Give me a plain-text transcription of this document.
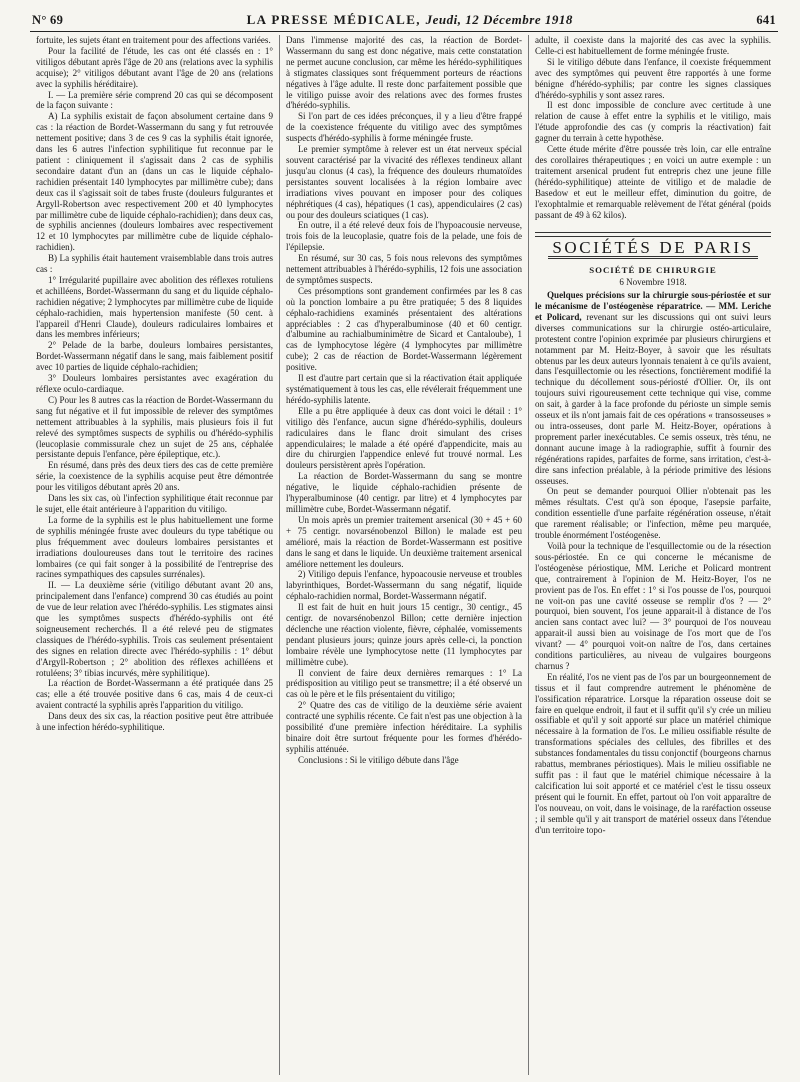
N° 69	LA PRESSE MÉDICALE, Jeudi, 12 Décembre 1918	641

fortuite, les sujets étant en traitement pour des affections variées.

Pour la facilité de l'étude, les cas ont été classés en : 1° vitiligos débutant après l'âge de 20 ans (relations avec la syphilis acquise); 2° vitiligos débutant avant l'âge de 20 ans (relations avec la syphilis héréditaire).

I. — La première série comprend 20 cas qui se décomposent de la façon suivante :

A) La syphilis existait de façon absolument certaine dans 9 cas : la réaction de Bordet-Wassermann du sang y fut retrouvée nettement positive; dans 3 de ces 9 cas la syphilis était ignorée, dans les 6 autres l'infection syphilitique fut reconnue par le patient : cliniquement il s'agissait dans 2 cas de syphilis secondaire datant d'un an (dans un cas le liquide céphalo-rachidien présentait 140 lymphocytes par millimètre cube); dans deux cas il s'agissait soit de tabes fruste (douleurs fulgurantes et Argyll-Robertson avec respectivement 200 et 40 lymphocytes par millimètre cube de liquide céphalo-rachidien); dans deux cas, de syphilis anciennes (douleurs lombaires avec respectivement 12 et 10 lymphocytes par millimètre cube de liquide céphalo-rachidien).

B) La syphilis était hautement vraisemblable dans trois autres cas :

1° Irrégularité pupillaire avec abolition des réflexes rotuliens et achilléens, Bordet-Wassermann du sang et du liquide céphalo-rachidien négative; 2 lymphocytes par millimètre cube de liquide céphalo-rachidien, mais hypertension manifeste (50 cent. à l'appareil d'Henri Claude), douleurs radiculaires lombaires et dans les membres inférieurs;

2° Pelade de la barbe, douleurs lombaires persistantes, Bordet-Wassermann négatif dans le sang, mais faiblement positif avec 10 parties de liquide céphalo-rachidien;

3° Douleurs lombaires persistantes avec exagération du réflexe oculo-cardiaque.

C) Pour les 8 autres cas la réaction de Bordet-Wassermann du sang fut négative et il fut impossible de relever des symptômes nettement attribuables à la syphilis, mais plusieurs fois il fut relevé des symptômes suspects de syphilis ou d'hérédo-syphilis (leucoplasie commissurale chez un sujet de 25 ans, céphalée persistante depuis l'enfance, père épileptique, etc.).

En résumé, dans près des deux tiers des cas de cette première série, la coexistence de la syphilis acquise peut être démontrée pour les vitiligos débutant après 20 ans.

Dans les six cas, où l'infection syphilitique était reconnue par le sujet, elle était antérieure à l'apparition du vitiligo.

La forme de la syphilis est le plus habituellement une forme de syphilis méningée fruste avec douleurs du type tabétique ou plus fréquemment avec douleurs lombaires persistantes et irradiations douloureuses dans tout le territoire des racines lombaires (ce qui fait songer à la possibilité de l'entreprise des racines sympathiques des capsules surrénales).

II. — La deuxième série (vitiligo débutant avant 20 ans, principalement dans l'enfance) comprend 30 cas étudiés au point de vue de leur relation avec l'hérédo-syphilis. Les stigmates ainsi que les symptômes suspects d'hérédo-syphilis ont été soigneusement recherchés. Il a été relevé peu de stigmates classiques de l'hérédo-syphilis. Trois cas seulement présentaient des signes en relation directe avec l'hérédo-syphilis : 1° début d'Argyll-Robertson ; 2° abolition des réflexes achilléens et rotuléens; 3° tibias incurvés, mère syphilitique).

La réaction de Bordet-Wassermann a été pratiquée dans 25 cas; elle a été trouvée positive dans 6 cas, mais 4 de ceux-ci avaient contracté la syphilis après l'apparition du vitiligo.

Dans deux des six cas, la réaction positive peut être attribuée à une infection hérédo-syphilitique.

Dans l'immense majorité des cas, la réaction de Bordet-Wassermann du sang est donc négative, mais cette constatation ne permet aucune conclusion, car même les hérédo-syphilitiques à stigmates classiques sont fréquemment porteurs de réactions négatives à l'âge adulte. Il reste donc parfaitement possible que le vitiligo puisse avoir des relations avec des formes frustes d'hérédo-syphilis.

Si l'on part de ces idées préconçues, il y a lieu d'être frappé de la coexistence fréquente du vitiligo avec des symptômes suspects d'hérédo-syphilis à forme méningée fruste.

Le premier symptôme à relever est un état nerveux spécial souvent caractérisé par la vivacité des réflexes tendineux allant jusqu'au clonus (4 cas), la fréquence des douleurs rhumatoïdes persistantes souvent localisées à la région lombaire avec irradiations vives pouvant en imposer pour des coliques néphrétiques (4 cas), hépatiques (1 cas), appendiculaires (2 cas) ou pour des douleurs sciatiques (1 cas).

En outre, il a été relevé deux fois de l'hypoacousie nerveuse, trois fois de la leucoplasie, quatre fois de la pelade, une fois de l'épilepsie.

En résumé, sur 30 cas, 5 fois nous relevons des symptômes nettement attribuables à l'hérédo-syphilis, 12 fois une association de symptômes suspects.

Ces présomptions sont grandement confirmées par les 8 cas où la ponction lombaire a pu être pratiquée; 5 des 8 liquides céphalo-rachidiens examinés présentaient des altérations appréciables : 2 cas d'hyperalbuminose (40 et 60 centigr. d'albumine au rachialbuminimètre de Sicard et Cantaloube), 1 cas de lymphocytose légère (4 lymphocytes par millimètre cube); 2 cas de réaction de Bordet-Wassermann légèrement positive.

Il est d'autre part certain que si la réactivation était appliquée systématiquement à tous les cas, elle révélerait fréquemment une hérédo-syphilis latente.

Elle a pu être appliquée à deux cas dont voici le détail : 1° vitiligo dès l'enfance, aucun signe d'hérédo-syphilis, douleurs radiculaires dans le flanc droit simulant des crises appendiculaires; le malade a été opéré d'appendicite, mais au dire du chirurgien l'appendice enlevé fut trouvé normal. Les douleurs persistèrent après l'opération.

La réaction de Bordet-Wassermann du sang se montre négative, le liquide céphalo-rachidien présente de l'hyperalbuminose (40 centigr. par litre) et 4 lymphocytes par millimètre cube, Bordet-Wassermann négatif.

Un mois après un premier traitement arsenical (30 + 45 + 60 + 75 centigr. novarsénobenzol Billon) le malade est peu amélioré, mais la réaction de Bordet-Wassermann est positive dans le sang et dans le liquide. Un deuxième traitement arsenical améliore nettement les douleurs.

2) Vitiligo depuis l'enfance, hypoacousie nerveuse et troubles labyrinthiques, Bordet-Wassermann du sang négatif, liquide céphalo-rachidien normal, Bordet-Wassermann négatif.

Il est fait de huit en huit jours 15 centigr., 30 centigr., 45 centigr. de novarsénobenzol Billon; cette dernière injection déclenche une réaction violente, fièvre, céphalée, vomissements pendant plusieurs jours; quinze jours après celle-ci, la ponction lombaire révèle une lymphocytose nette (11 lymphocytes par millimètre cube).

Il convient de faire deux dernières remarques : 1° La prédisposition au vitiligo peut se transmettre; il a été observé un cas où le père et le fils présentaient du vitiligo;

2° Quatre des cas de vitiligo de la deuxième série avaient contracté une syphilis récente. Ce fait n'est pas une objection à la possibilité d'une première infection héréditaire. La syphilis binaire doit être surtout fréquente pour les formes d'hérédo-syphilis atténuée.

Conclusions : Si le vitiligo débute dans l'âge

adulte, il coexiste dans la majorité des cas avec la syphilis. Celle-ci est habituellement de forme méningée fruste.

Si le vitiligo débute dans l'enfance, il coexiste fréquemment avec des symptômes qui peuvent être rapportés à une forme bénigne d'hérédo-syphilis; par contre les signes classiques d'hérédo-syphilis y sont assez rares.

Il est donc impossible de conclure avec certitude à une relation de cause à effet entre la syphilis et le vitiligo, mais l'étude approfondie des cas (y compris la réactivation) fait gagner du terrain à cette hypothèse.

Cette étude mérite d'être poussée très loin, car elle entraîne des corollaires thérapeutiques ; en voici un autre exemple : un traitement arsenical prudent fut entrepris chez une jeune fille (hérédo-syphilitique) atteinte de vitiligo et de maladie de Basedow et eut le meilleur effet, diminution du goitre, de l'exophtalmie et remarquable relèvement de l'état général (poids passant de 49 à 62 kilos).

SOCIÉTÉS DE PARIS
SOCIÉTÉ DE CHIRURGIE
6 Novembre 1918.

Quelques précisions sur la chirurgie sous-périostée et sur le mécanisme de l'ostéogenèse réparatrice. — MM. Leriche et Policard, revenant sur les discussions qui ont suivi leurs diverses communications sur la chirurgie ostéo-articulaire, protestent contre l'opinion exprimée par plusieurs chirurgiens et notamment par M. Heitz-Boyer, à savoir que les résultats obtenus par les deux auteurs lyonnais tenaient à ce qu'ils avaient, dans l'esquillectomie ou les résections, fonctièrement modifié la technique du décollement sous-périosté d'Ollier. Or, ils ont toujours suivi rigoureusement cette technique qui vise, comme on sait, à garder à la face profonde du périoste un simple semis osseux et ils n'ont jamais fait de ces opérations « transosseuses » ou intra-osseuses, dont parle M. Heitz-Boyer, opérations à proprement parler inexécutables. Ce semis osseux, très ténu, ne donnant aucune image à la radiographie, suffit à fournir des régénérations rapides, parfaites de forme, sans irritation, c'est-à-dire sans infection préalable, à la période primitive des lésions osseuses.

On peut se demander pourquoi Ollier n'obtenait pas les mêmes résultats. C'est qu'à son époque, l'asepsie parfaite, condition essentielle d'une parfaite régénération osseuse, n'était que rarement réalisable; or l'infection, même peu marquée, trouble énormément l'ostéogenèse.

Voilà pour la technique de l'esquillectomie ou de la résection sous-périostée. En ce qui concerne le mécanisme de l'ostéogenèse périostique, MM. Leriche et Policard montrent que, contrairement à l'opinion de M. Heitz-Boyer, l'os ne provient pas de l'os. En effet : 1° si l'os pousse de l'os, pourquoi ne voit-on pas une cavité osseuse se remplir d'os ? — 2° pourquoi, bien souvent, l'os jeune apparait-il à distance de l'os ancien sans contact avec lui? — 3° pourquoi de l'os nouveau apparait-il aussi bien au voisinage de l'os mort que de l'os vivant? — 4° pourquoi voit-on naître de l'os, dans certaines conditions particulières, au niveau de vulgaires bourgeons charnus ?

En réalité, l'os ne vient pas de l'os par un bourgeonnement de tissus et il faut comprendre autrement le phénomène de l'ossification réparatrice. Lorsque la réparation osseuse doit se faire en quelque endroit, il faut et il suffit qu'il s'y crée un milieu ossifiable et qu'il y soit apporté sur place un matériel chimique nécessaire à la formation de l'os. Le milieu ossifiable résulte de transformations spéciales des cellules, des fibrilles et des substances fondamentales du tissu conjonctif (bourgeons charnus rabattus, membranes périostiques). Mais le milieu ossifiable ne suffit pas : il faut que le matériel chimique nécessaire à la calcification lui soit apporté et ce matériel c'est le tissu osseux présent qui le fournit. En effet, partout où l'on voit apparaître de l'os nouveau, on voit, dans le voisinage, de la raréfaction osseuse ; il semble qu'il y ait transport de matériel osseux dans l'étendue d'un territoire topo-
